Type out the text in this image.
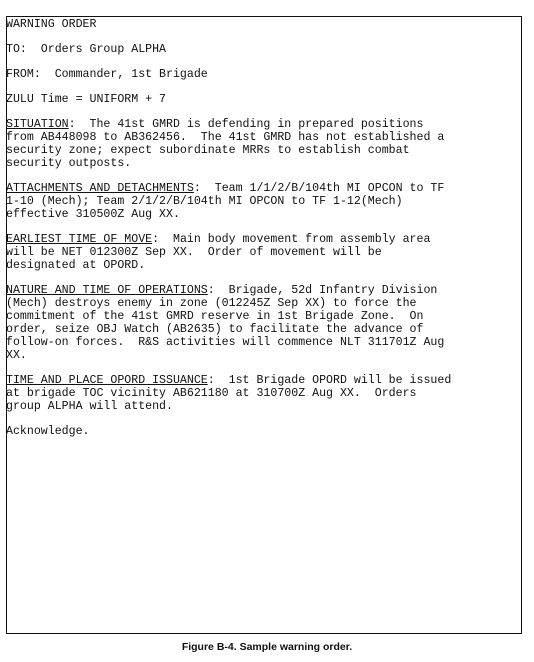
WARNING ORDER
TO:  Orders Group ALPHA
FROM:  Commander, 1st Brigade
ZULU Time = UNIFORM + 7
SITUATION:  The 41st GMRD is defending in prepared positions
from AB448098 to AB362456.  The 41st GMRD has not established a
security zone; expect subordinate MRRs to establish combat
security outposts.
ATTACHMENTS AND DETACHMENTS:  Team 1/1/2/B/104th MI OPCON to TF
1-10 (Mech); Team 2/1/2/B/104th MI OPCON to TF 1-12(Mech)
effective 310500Z Aug XX.
EARLIEST TIME OF MOVE:  Main body movement from assembly area
will be NET 012300Z Sep XX.  Order of movement will be
designated at OPORD.
NATURE AND TIME OF OPERATIONS:  Brigade, 52d Infantry Division
(Mech) destroys enemy in zone (012245Z Sep XX) to force the
commitment of the 41st GMRD reserve in 1st Brigade Zone.  On
order, seize OBJ Watch (AB2635) to facilitate the advance of
follow-on forces.  R&S activities will commence NLT 311701Z Aug
XX.
TIME AND PLACE OPORD ISSUANCE:  1st Brigade OPORD will be issued
at brigade TOC vicinity AB621180 at 310700Z Aug XX.  Orders
group ALPHA will attend.
Acknowledge.
Figure B-4. Sample warning order.
